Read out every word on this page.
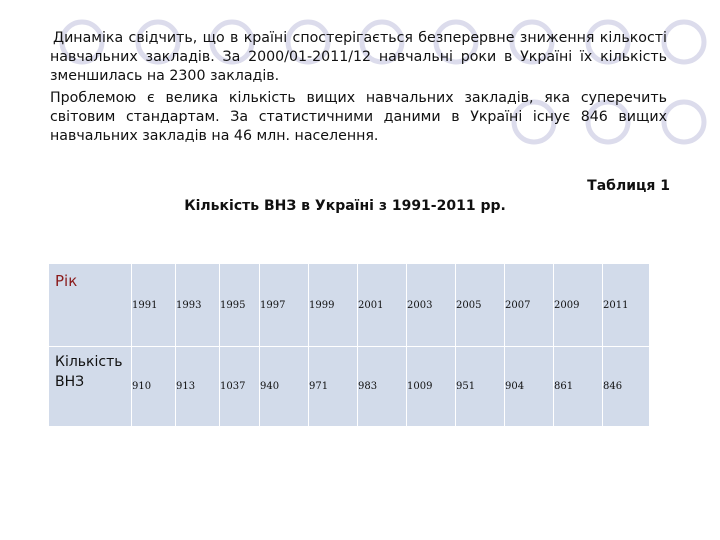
Динаміка свідчить, що в країні спостерігається безперервне зниження кількості навчальних закладів. За 2000/01-2011/12 навчальні роки в Україні їх кількість зменшилась на 2300 закладів.

Проблемою є велика кількість вищих навчальних закладів, яка суперечить світовим стандартам. За статистичними даними в Україні існує 846 вищих навчальних закладів на 46 млн. населення.

Таблиця 1

Кількість ВНЗ в Україні з 1991-2011 рр.

Рік	1991	1993	1995	1997	1999	2001	2003	2005	2007	2009	2011

Кількість ВНЗ	910	913	1037	940	971	983	1009	951	904	861	846
